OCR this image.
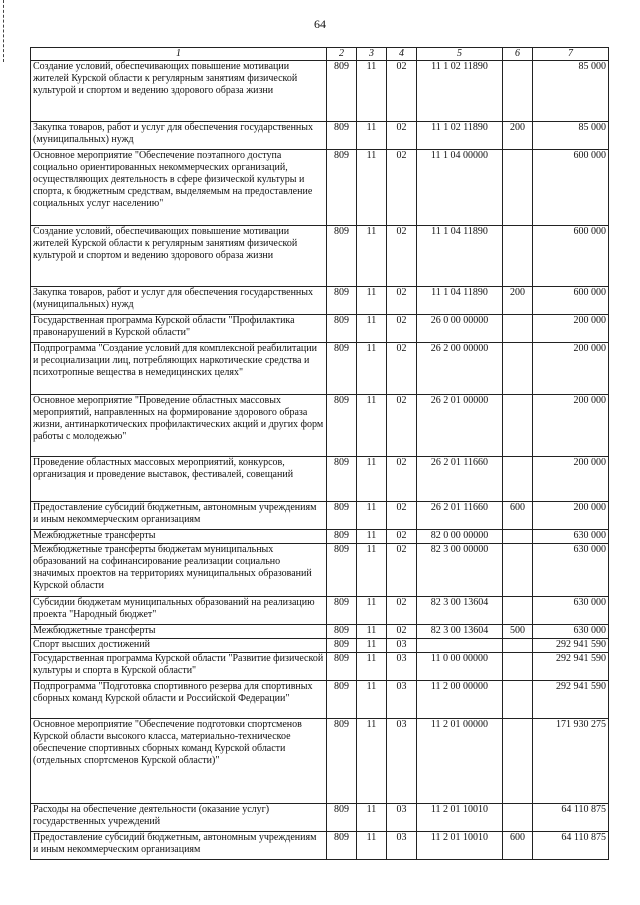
64
1	2	3	4	5	6	7
Создание условий, обеспечивающих повышение мотивации жителей Курской области к регулярным занятиям физической культурой и спортом и ведению здорового образа жизни	809	11	02	11 1 02 11890		85 000
Закупка товаров, работ и услуг для обеспечения государственных (муниципальных) нужд	809	11	02	11 1 02 11890	200	85 000
Основное мероприятие "Обеспечение поэтапного доступа социально ориентированных некоммерческих организаций, осуществляющих деятельность в сфере физической культуры и спорта, к бюджетным средствам, выделяемым на предоставление социальных услуг населению"	809	11	02	11 1 04 00000		600 000
Создание условий, обеспечивающих повышение мотивации жителей Курской области к регулярным занятиям физической культурой и спортом и ведению здорового образа жизни	809	11	02	11 1 04 11890		600 000
Закупка товаров, работ и услуг для обеспечения государственных (муниципальных) нужд	809	11	02	11 1 04 11890	200	600 000
Государственная программа Курской области "Профилактика правонарушений в Курской области"	809	11	02	26 0 00 00000		200 000
Подпрограмма "Создание условий для комплексной реабилитации и ресоциализации лиц, потребляющих наркотические средства и психотропные вещества в немедицинских целях"	809	11	02	26 2 00 00000		200 000
Основное мероприятие "Проведение областных массовых мероприятий, направленных на формирование здорового образа жизни, антинаркотических профилактических акций и других форм работы с молодежью"	809	11	02	26 2 01 00000		200 000
Проведение областных массовых мероприятий, конкурсов, организация и проведение выставок, фестивалей, совещаний	809	11	02	26 2 01 11660		200 000
Предоставление субсидий бюджетным, автономным учреждениям и иным некоммерческим организациям	809	11	02	26 2 01 11660	600	200 000
Межбюджетные трансферты	809	11	02	82 0 00 00000		630 000
Межбюджетные трансферты бюджетам муниципальных образований на софинансирование реализации социально значимых проектов на территориях муниципальных образований Курской области	809	11	02	82 3 00 00000		630 000
Субсидии бюджетам муниципальных образований на реализацию проекта "Народный бюджет"	809	11	02	82 3 00 13604		630 000
Межбюджетные трансферты	809	11	02	82 3 00 13604	500	630 000
Спорт высших достижений	809	11	03			292 941 590
Государственная программа Курской области "Развитие физической культуры и спорта в Курской области"	809	11	03	11 0 00 00000		292 941 590
Подпрограмма "Подготовка спортивного резерва для спортивных сборных команд Курской области и Российской Федерации"	809	11	03	11 2 00 00000		292 941 590
Основное мероприятие "Обеспечение подготовки спортсменов Курской области высокого класса, материально-техническое обеспечение спортивных сборных команд Курской области (отдельных спортсменов Курской области)"	809	11	03	11 2 01 00000		171 930 275
Расходы на обеспечение деятельности (оказание услуг) государственных учреждений	809	11	03	11 2 01 10010		64 110 875
Предоставление субсидий бюджетным, автономным учреждениям и иным некоммерческим организациям	809	11	03	11 2 01 10010	600	64 110 875
